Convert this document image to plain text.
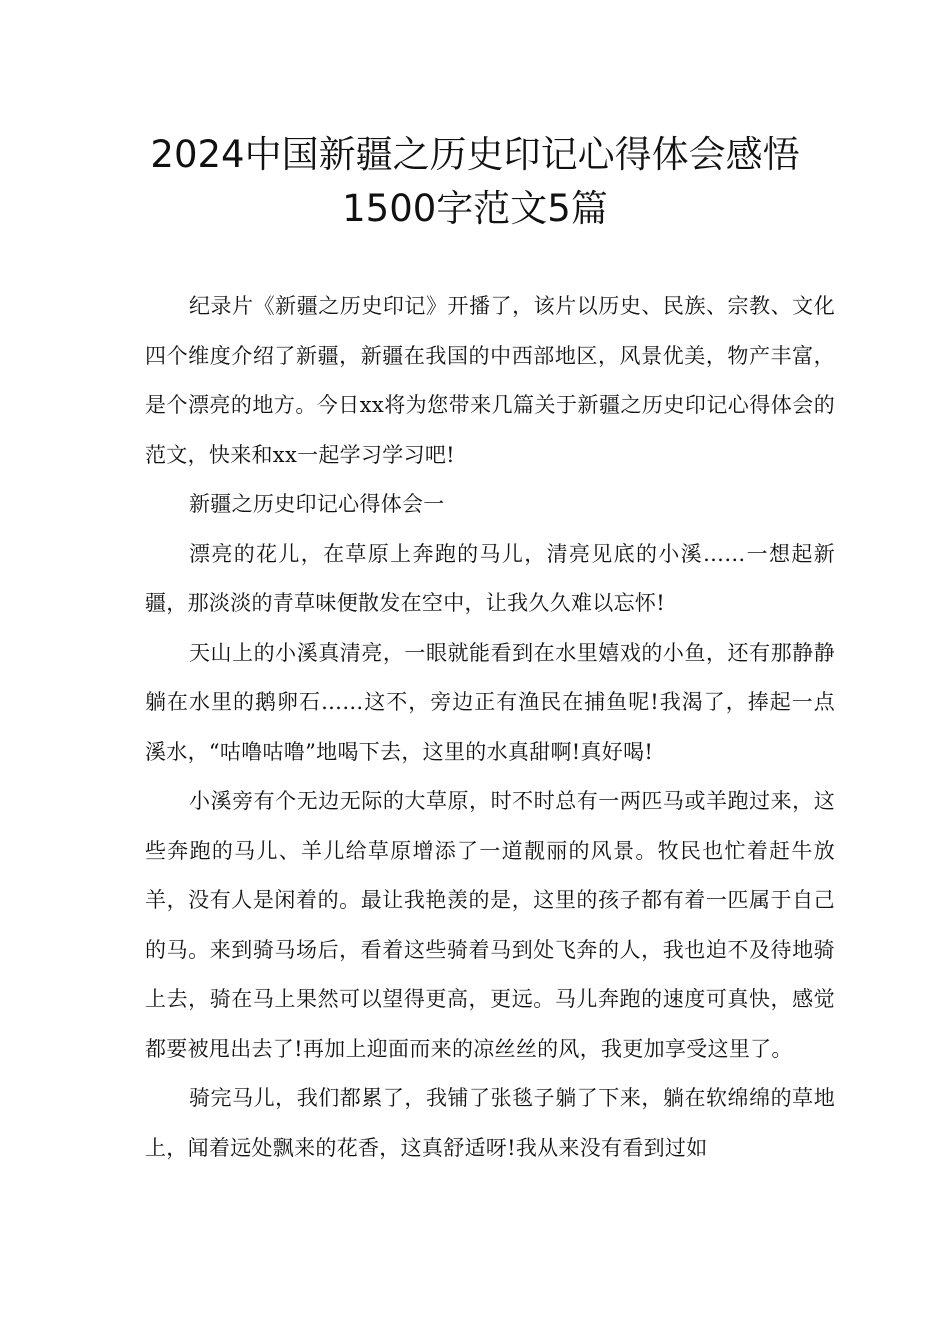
2024中国新疆之历史印记心得体会感悟
1500字范文5篇

纪录片《新疆之历史印记》开播了，该片以历史、民族、宗教、文化四个维度介绍了新疆，新疆在我国的中西部地区，风景优美，物产丰富，是个漂亮的地方。今日xx将为您带来几篇关于新疆之历史印记心得体会的范文，快来和xx一起学习学习吧!

新疆之历史印记心得体会一

漂亮的花儿，在草原上奔跑的马儿，清亮见底的小溪……一想起新疆，那淡淡的青草味便散发在空中，让我久久难以忘怀!

天山上的小溪真清亮，一眼就能看到在水里嬉戏的小鱼，还有那静静躺在水里的鹅卵石……这不，旁边正有渔民在捕鱼呢!我渴了，捧起一点溪水，“咕噜咕噜”地喝下去，这里的水真甜啊!真好喝!

小溪旁有个无边无际的大草原，时不时总有一两匹马或羊跑过来，这些奔跑的马儿、羊儿给草原增添了一道靓丽的风景。牧民也忙着赶牛放羊，没有人是闲着的。最让我艳羡的是，这里的孩子都有着一匹属于自己的马。来到骑马场后，看着这些骑着马到处飞奔的人，我也迫不及待地骑上去，骑在马上果然可以望得更高，更远。马儿奔跑的速度可真快，感觉都要被甩出去了!再加上迎面而来的凉丝丝的风，我更加享受这里了。

骑完马儿，我们都累了，我铺了张毯子躺了下来，躺在软绵绵的草地上，闻着远处飘来的花香，这真舒适呀!我从来没有看到过如
